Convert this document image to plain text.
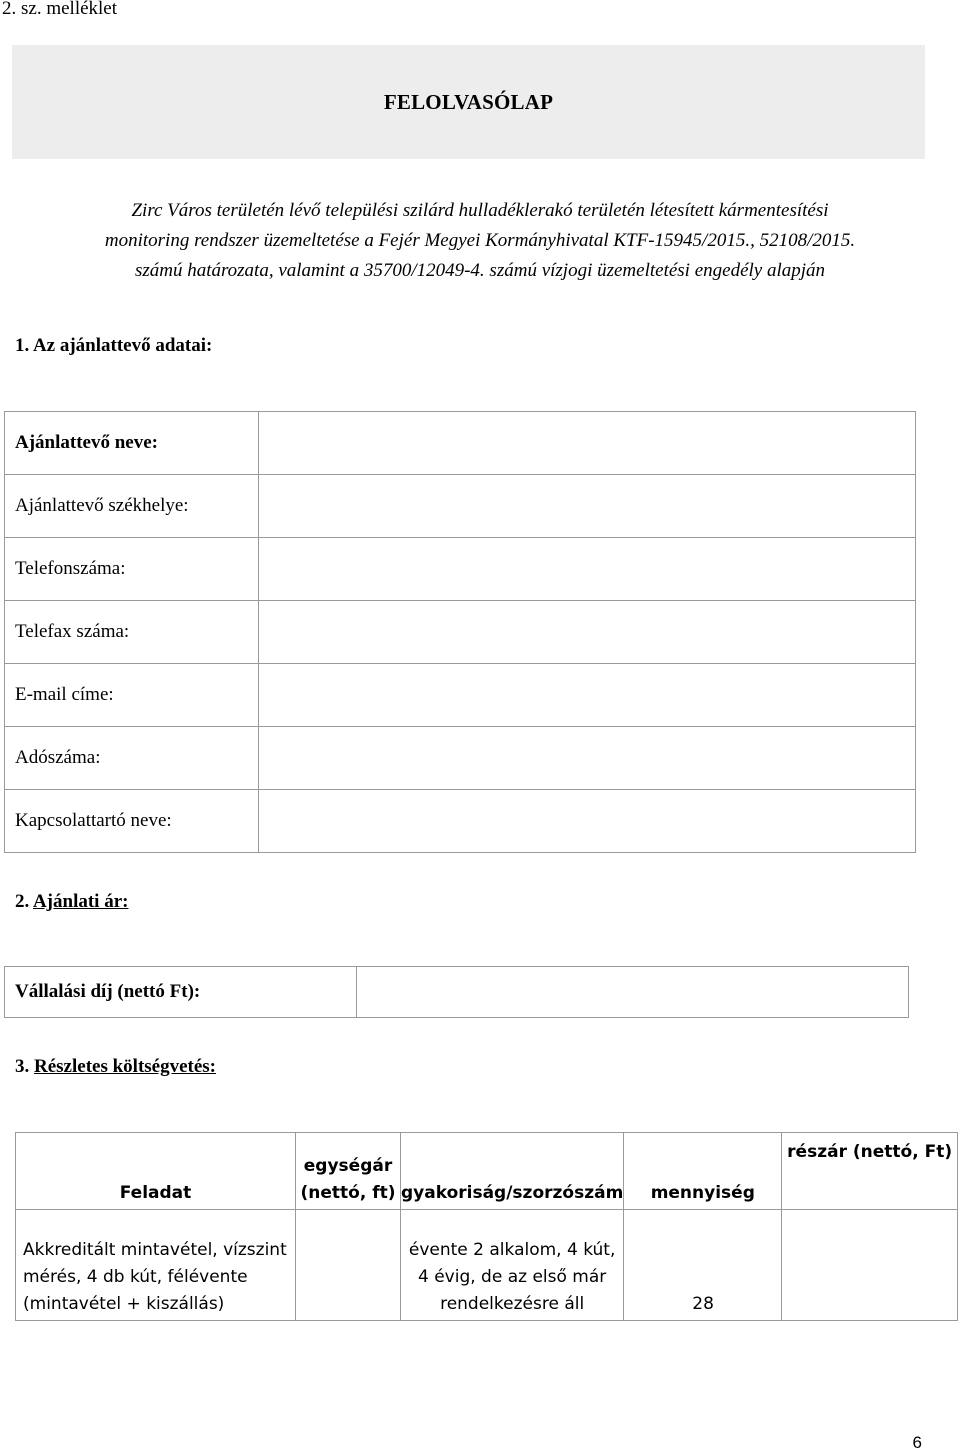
2. sz. melléklet
FELOLVASÓLAP
Zirc Város területén lévő települési szilárd hulladéklerakó területén létesített kármentesítési
monitoring rendszer üzemeltetése a Fejér Megyei Kormányhivatal KTF-15945/2015., 52108/2015.
számú határozata, valamint a 35700/12049-4. számú vízjogi üzemeltetési engedély alapján
1. Az ajánlattevő adatai:
Ajánlattevő neve:	
Ajánlattevő székhelye:	
Telefonszáma:	
Telefax száma:	
E-mail címe:	
Adószáma:	
Kapcsolattartó neve:	
2. Ajánlati ár:
Vállalási díj (nettó Ft):	
3. Részletes költségvetés:
Feladat	egységár (nettó, ft)	gyakoriság/szorzószám	mennyiség	részár (nettó, Ft)
Akkreditált mintavétel, vízszint mérés, 4 db kút, félévente (mintavétel + kiszállás)		évente 2 alkalom, 4 kút, 4 évig, de az első már rendelkezésre áll	28	
6
